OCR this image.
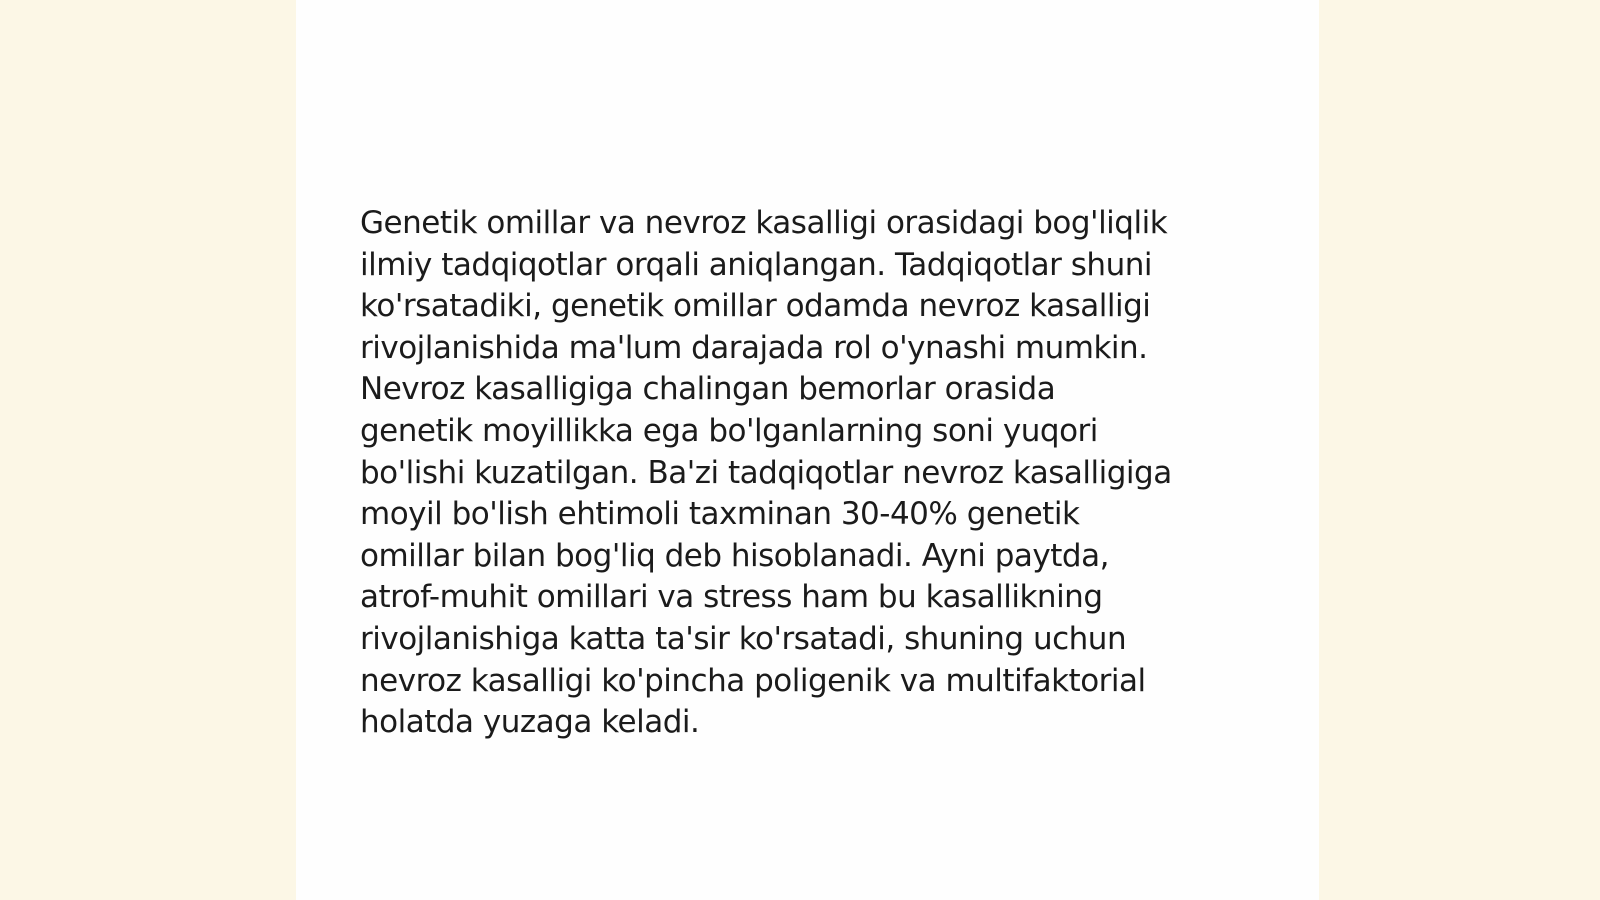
Genetik omillar va nevroz kasalligi orasidagi bog'liqlik
ilmiy tadqiqotlar orqali aniqlangan. Tadqiqotlar shuni
ko'rsatadiki, genetik omillar odamda nevroz kasalligi
rivojlanishida ma'lum darajada rol o'ynashi mumkin.
Nevroz kasalligiga chalingan bemorlar orasida
genetik moyillikka ega bo'lganlarning soni yuqori
bo'lishi kuzatilgan. Ba'zi tadqiqotlar nevroz kasalligiga
moyil bo'lish ehtimoli taxminan 30-40% genetik
omillar bilan bog'liq deb hisoblanadi. Ayni paytda,
atrof-muhit omillari va stress ham bu kasallikning
rivojlanishiga katta ta'sir ko'rsatadi, shuning uchun
nevroz kasalligi ko'pincha poligenik va multifaktorial
holatda yuzaga keladi.
